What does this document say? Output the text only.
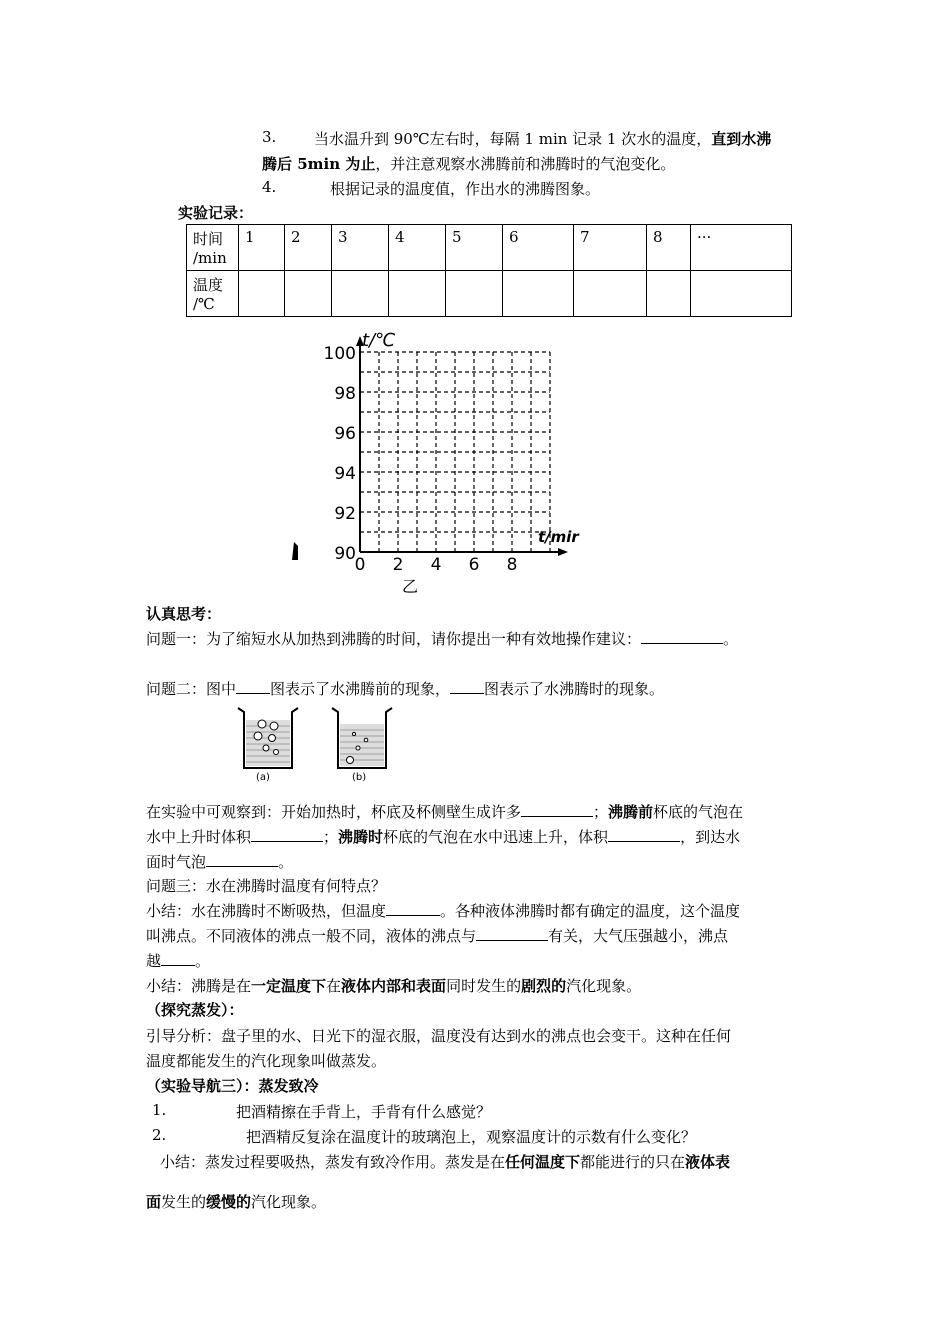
3.	当水温升到 90℃左右时，每隔 1 min 记录 1 次水的温度，直到水沸
腾后 5min 为止，并注意观察水沸腾前和沸腾时的气泡变化。
4.	根据记录的温度值，作出水的沸腾图象。
实验记录：
时间
/min	1	2	3	4	5	6	7	8	···

温度
/℃									

90
92
94
96
98
100
0 2 4 6 8
t/℃
t/mir
乙
认真思考：
问题一：为了缩短水从加热到沸腾的时间，请你提出一种有效地操作建议：	。
问题二：图中 图表示了水沸腾前的现象， 图表示了水沸腾时的现象。
(a)	(b)
在实验中可观察到：开始加热时，杯底及杯侧壁生成许多	；沸腾前杯底的气泡在
水中上升时体积	；沸腾时杯底的气泡在水中迅速上升，体积	，到达水
面时气泡	。
问题三：水在沸腾时温度有何特点？
小结：水在沸腾时不断吸热，但温度	。各种液体沸腾时都有确定的温度，这个温度
叫沸点。不同液体的沸点一般不同，液体的沸点与	有关，大气压强越小，沸点
越 。
小结：沸腾是在一定温度下在液体内部和表面同时发生的剧烈的汽化现象。
（探究蒸发）：
引导分析：盘子里的水、日光下的湿衣服，温度没有达到水的沸点也会变干。这种在任何
温度都能发生的汽化现象叫做蒸发。
（实验导航三）：蒸发致冷
1.	把酒精擦在手背上，手背有什么感觉？
2.	把酒精反复涂在温度计的玻璃泡上，观察温度计的示数有什么变化？
小结：蒸发过程要吸热，蒸发有致冷作用。蒸发是在任何温度下都能进行的只在液体表
面发生的缓慢的汽化现象。
